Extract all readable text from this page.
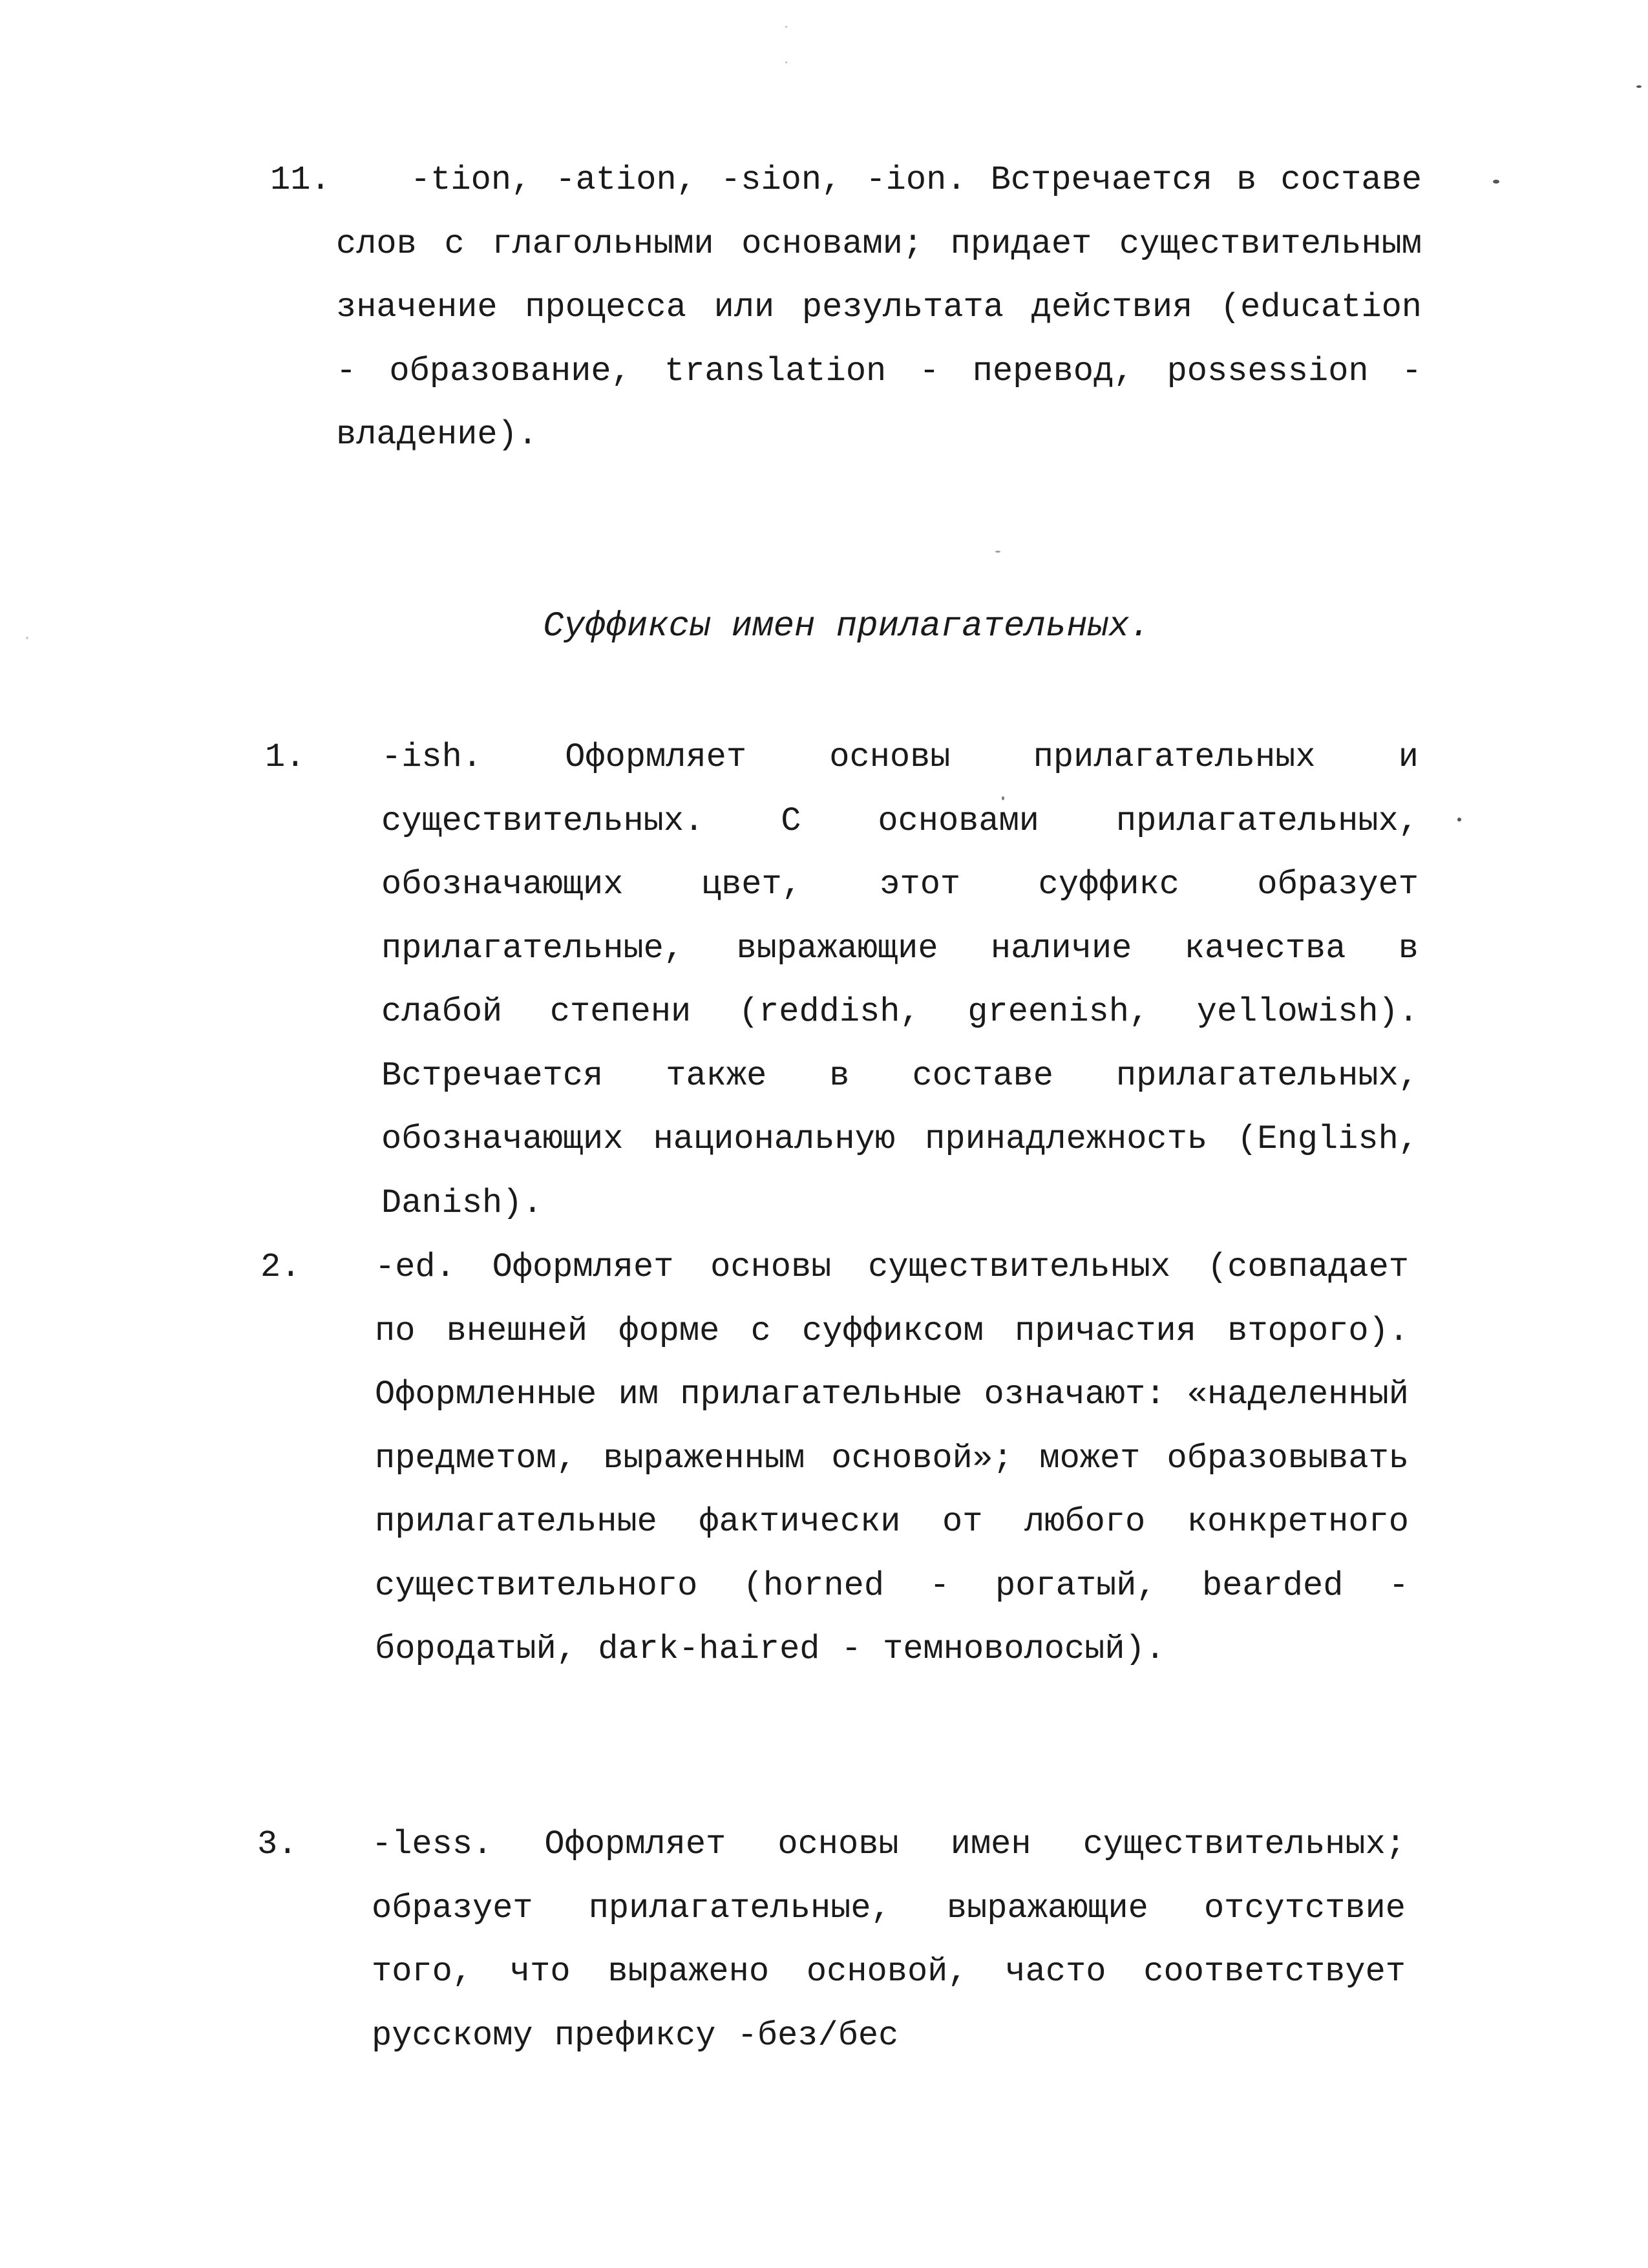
11.	-tion, -ation, -sion, -ion. Встречается в составе слов с глагольными основами; придает существительным значение процесса или результата действия (education - образование, translation - перевод, possession - владение).
Суффиксы имен прилагательных.
1. -ish. Оформляет основы прилагательных и существительных. С основами прилагательных, обозначающих цвет, этот суффикс образует прилагательные, выражающие наличие качества в слабой степени (reddish, greenish, yellowish). Встречается также в составе прилагательных, обозначающих национальную принадлежность (English, Danish).
2. -ed. Оформляет основы существительных (совпадает по внешней форме с суффиксом причастия второго). Оформленные им прилагательные означают: «наделенный предметом, выраженным основой»; может образовывать прилагательные фактически от любого конкретного существительного (horned - рогатый, bearded - бородатый, dark-haired - темноволосый).
3. -less. Оформляет основы имен существительных; образует прилагательные, выражающие отсутствие того, что выражено основой, часто соответствует русскому префиксу -без/бес
